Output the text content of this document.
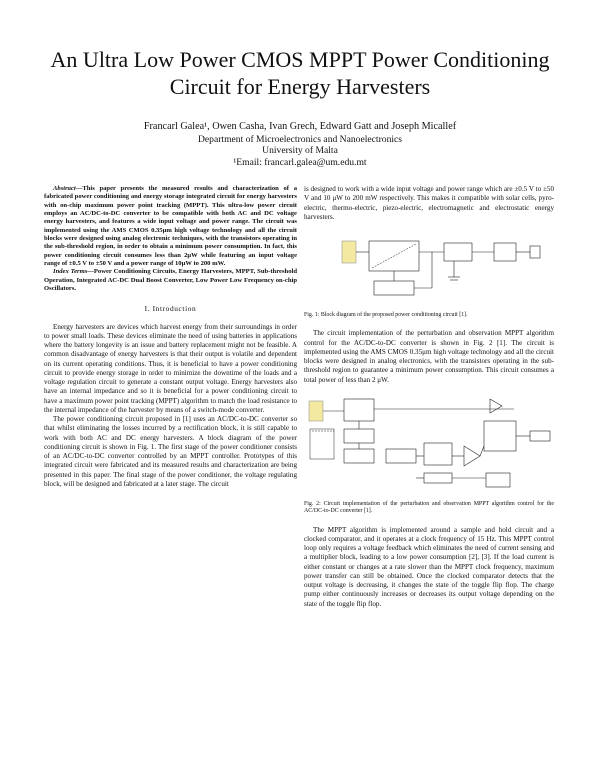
An Ultra Low Power CMOS MPPT Power Conditioning Circuit for Energy Harvesters
Francarl Galea¹, Owen Casha, Ivan Grech, Edward Gatt and Joseph Micallef
Department of Microelectronics and Nanoelectronics
University of Malta
¹Email: francarl.galea@um.edu.mt
Abstract—This paper presents the measured results and characterization of a fabricated power conditioning and energy storage integrated circuit for energy harvesters with on-chip maximum power point tracking (MPPT). This ultra-low power circuit employs an AC/DC-to-DC converter to be compatible with both AC and DC voltage energy harvesters, and features a wide input voltage and power range. The circuit was implemented using the AMS CMOS 0.35μm high voltage technology and all the circuit blocks were designed using analog electronic techniques, with the transistors operating in the sub-threshold region, in order to obtain a minimum power consumption. In fact, this power conditioning circuit consumes less than 2μW while featuring an input voltage range of ±0.5 V to ±50 V and a power range of 10μW to 200 mW.
Index Terms—Power Conditioning Circuits, Energy Harvesters, MPPT, Sub-threshold Operation, Integrated AC-DC Dual Boost Converter, Low Power Low Frequency on-chip Oscillators.
I. Introduction

Energy harvesters are devices which harvest energy from their surroundings in order to power small loads. These devices eliminate the need of using batteries in applications where the battery longevity is an issue and battery replacement might not be feasible. A common disadvantage of energy harvesters is that their output is volatile and dependent on its current operating conditions. Thus, it is beneficial to have a power conditioning circuit to provide energy storage in order to minimize the downtime of the loads and a voltage regulation circuit to generate a constant output voltage. Energy harvesters also have an internal impedance and so it is beneficial for a power conditioning circuit to have a maximum power point tracking (MPPT) algorithm to match the load resistance to the internal impedance of the harvester by means of a switch-mode converter.

The power conditioning circuit proposed in [1] uses an AC/DC-to-DC converter so that whilst eliminating the losses incurred by a rectification block, it is still capable to work with both AC and DC energy harvesters. A block diagram of the power conditioning circuit is shown in Fig. 1. The first stage of the power conditioner consists of an AC/DC-to-DC converter controlled by an MPPT controller. Prototypes of this integrated circuit were fabricated and its measured results and characterization are being presented in this paper. The final stage of the power conditioner, the voltage regulating block, will be designed and fabricated at a later stage. The circuit

is designed to work with a wide input voltage and power range which are ±0.5 V to ±50 V and 10 μW to 200 mW respectively. This makes it compatible with solar cells, pyro-electric, thermo-electric, piezo-electric, electromagnetic and electrostatic energy harvesters.

Fig. 1: Block diagram of the proposed power conditioning circuit [1].

The circuit implementation of the perturbation and observation MPPT algorithm control for the AC/DC-to-DC converter is shown in Fig. 2 [1]. The circuit is implemented using the AMS CMOS 0.35μm high voltage technology and all the circuit blocks were designed in analog electronics, with the transistors operating in the sub-threshold region to guarantee a minimum power consumption. This circuit consumes a total power of less than 2 μW.

Fig. 2: Circuit implementation of the perturbation and observation MPPT algorithm control for the AC/DC-to-DC converter [1].

The MPPT algorithm is implemented around a sample and hold circuit and a clocked comparator, and it operates at a clock frequency of 15 Hz. This MPPT control loop only requires a voltage feedback which eliminates the need of current sensing and a multiplier block, leading to a low power consumption [2], [3]. If the load current is either constant or changes at a rate slower than the MPPT clock frequency, maximum power transfer can still be obtained. Once the clocked comparator detects that the output voltage is decreasing, it changes the state of the toggle flip flop. The charge pump either continuously increases or decreases its output voltage depending on the state of the toggle flip flop.
